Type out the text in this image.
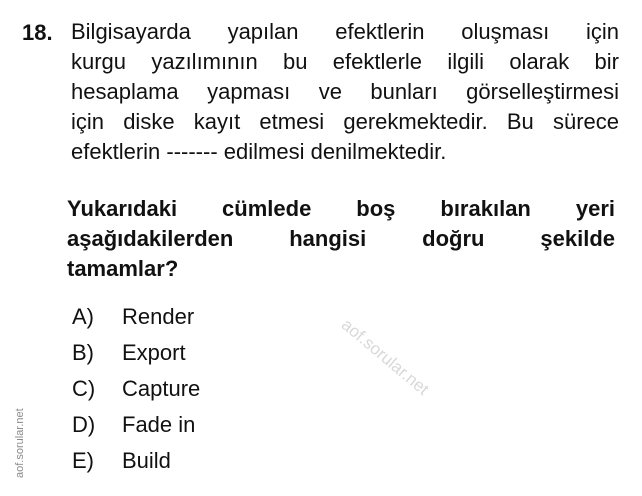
18. Bilgisayarda yapılan efektlerin oluşması için
kurgu yazılımının bu efektlerle ilgili olarak bir
hesaplama yapması ve bunları görselleştirmesi
için diske kayıt etmesi gerekmektedir. Bu sürece
efektlerin ------- edilmesi denilmektedir.
Yukarıdaki cümlede boş bırakılan yeri
aşağıdakilerden hangisi doğru şekilde
tamamlar?
A)	Render
B)	Export
C)	Capture
D)	Fade in
E)	Build
aof.sorular.net
aof.sorular.net
